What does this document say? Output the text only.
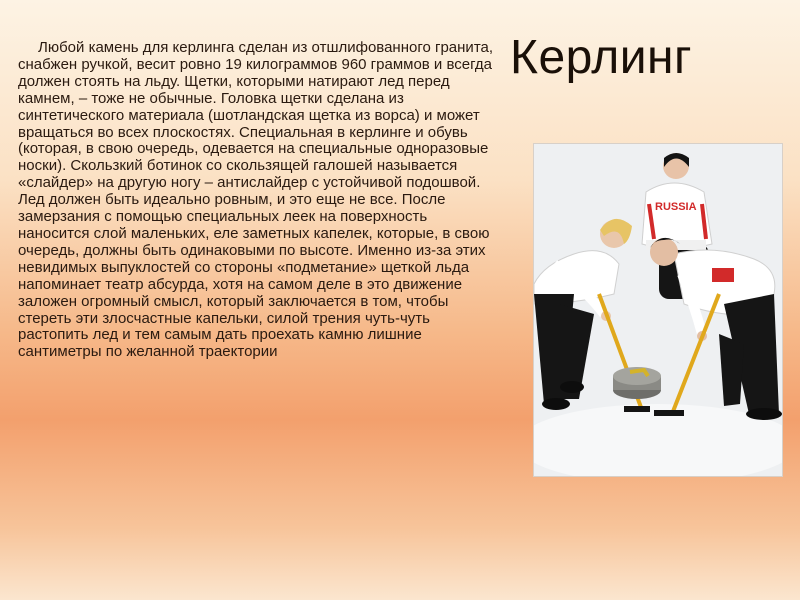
Любой камень для керлинга сделан из отшлифованного гранита, снабжен ручкой, весит ровно 19 килограммов 960 граммов и всегда должен стоять на льду. Щетки, которыми натирают лед перед камнем, – тоже не обычные. Головка щетки сделана из синтетического материала (шотландская щетка из ворса) и может вращаться во всех плоскостях. Специальная в керлинге и обувь (которая, в свою очередь, одевается на специальные одноразовые носки). Скользкий ботинок со скользящей галошей называется «слайдер» на другую ногу – антислайдер с устойчивой подошвой. Лед должен быть идеально ровным, и это еще не все. После замерзания с помощью специальных леек на поверхность наносится слой маленьких, еле заметных капелек, которые, в свою очередь, должны быть одинаковыми по высоте. Именно из-за этих невидимых выпуклостей со стороны «подметание» щеткой льда напоминает театр абсурда, хотя на самом деле в это движение заложен огромный смысл, который заключается в том, чтобы стереть эти злосчастные капельки, силой трения чуть-чуть растопить лед и тем самым дать проехать камню лишние сантиметры по желанной траектории

Керлинг
RUSSIA
